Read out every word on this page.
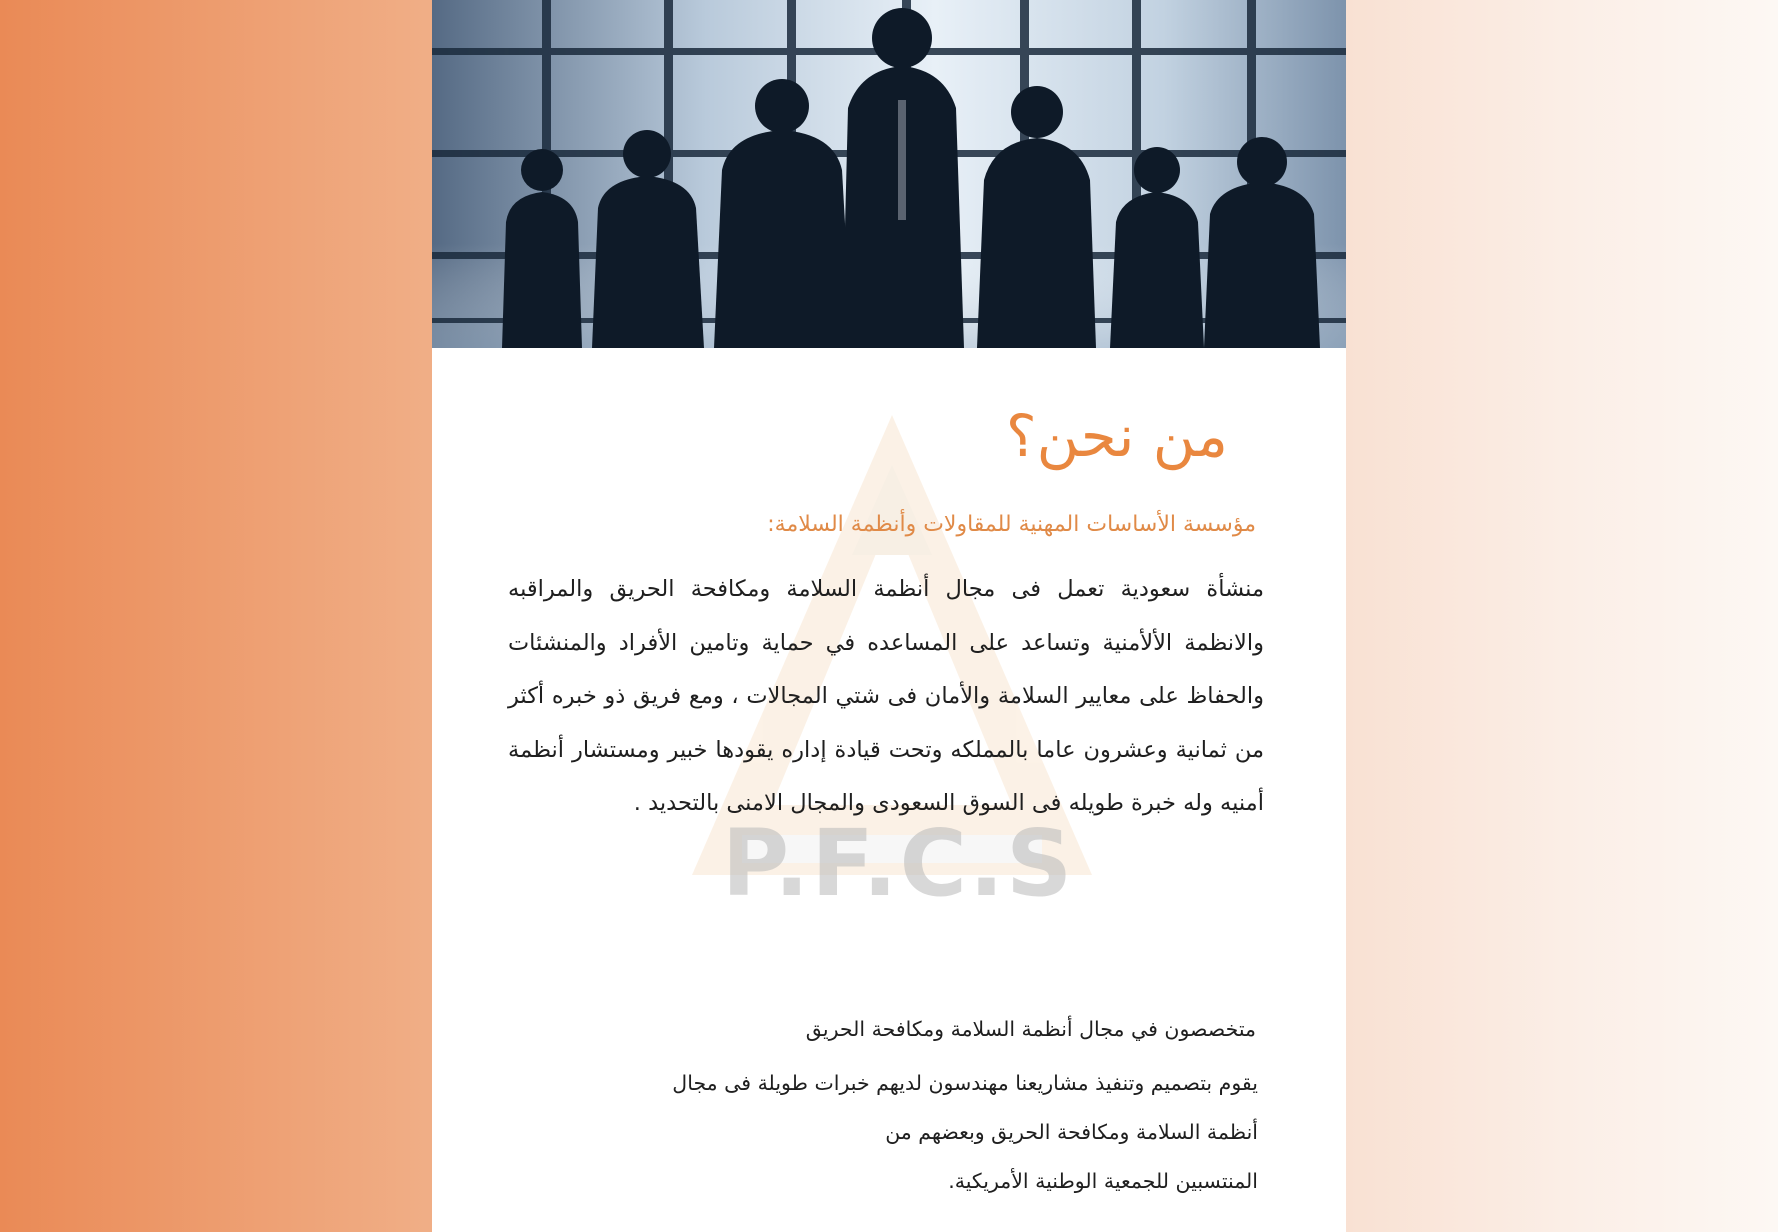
P.F.C.S
من نحن؟

مؤسسة الأساسات المهنية للمقاولات وأنظمة السلامة:

منشأة سعودية تعمل فى مجال أنظمة السلامة ومكافحة الحريق والمراقبه والانظمة الألأمنية وتساعد على المساعده في حماية وتامين الأفراد والمنشئات والحفاظ على معايير السلامة والأمان فى شتي المجالات ، ومع فريق ذو خبره أكثر من ثمانية وعشرون عاما بالمملكه وتحت قيادة إداره يقودها خبير ومستشار أنظمة أمنيه وله خبرة طويله فى السوق السعودى والمجال الامنى بالتحديد .

متخصصون في مجال أنظمة السلامة ومكافحة الحريق

يقوم بتصميم وتنفيذ مشاريعنا مهندسون لديهم خبرات طويلة فى مجال
أنظمة السلامة ومكافحة الحريق وبعضهم من
المنتسبين للجمعية الوطنية الأمريكية.
